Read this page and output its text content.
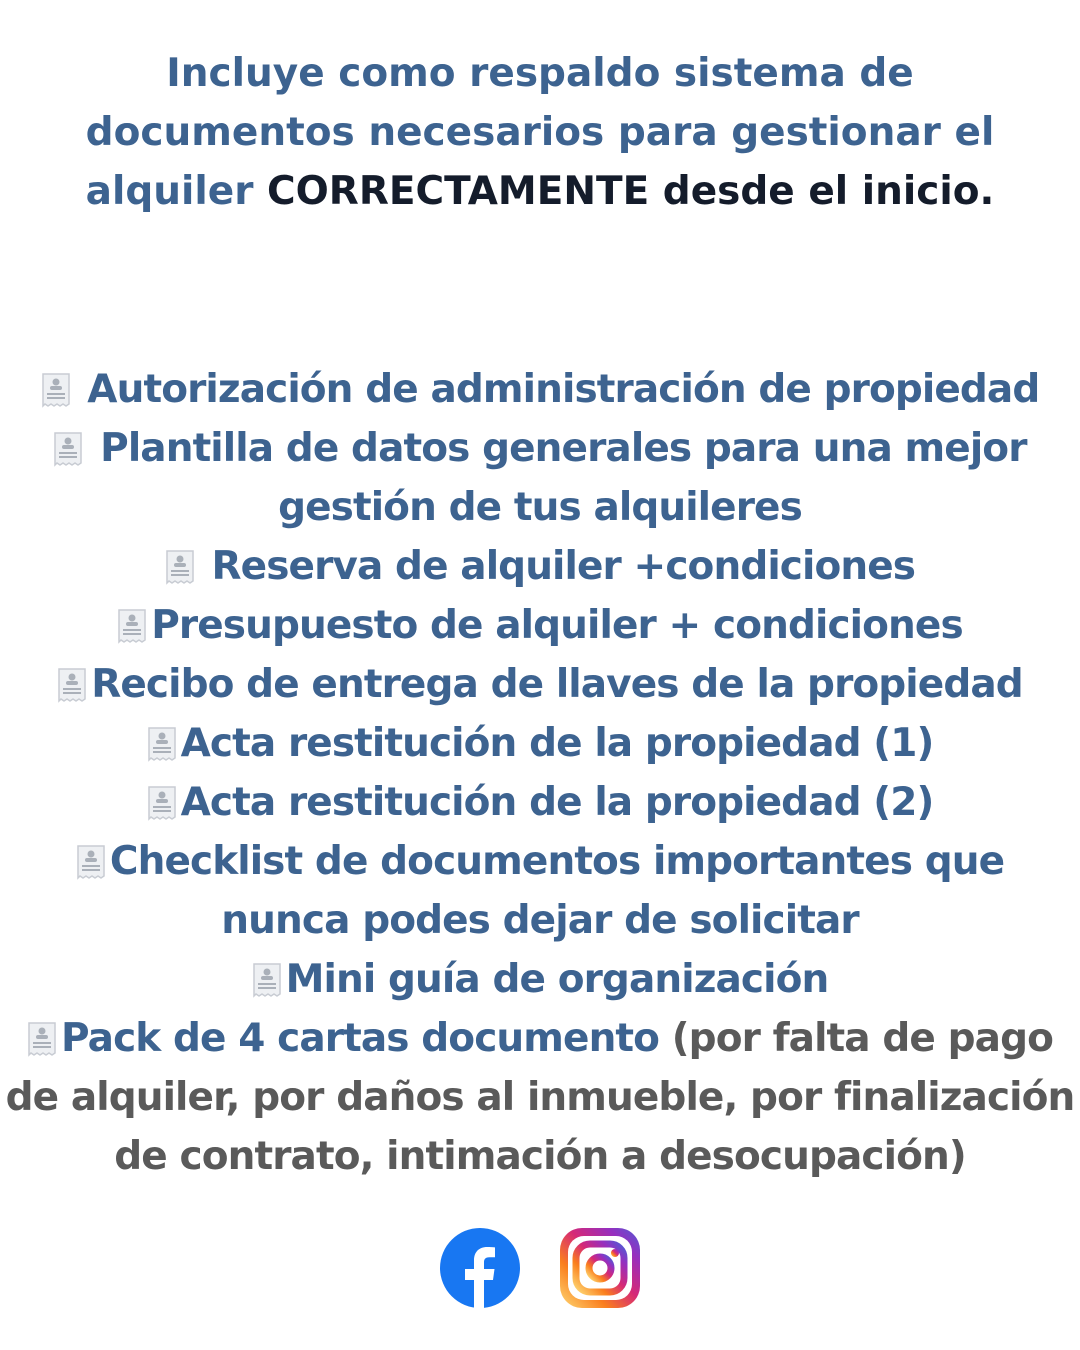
Incluye como respaldo sistema de
documentos necesarios para gestionar el
alquiler CORRECTAMENTE desde el inicio.
Autorización de administración de propiedad
Plantilla de datos generales para una mejor gestión de tus alquileres
Reserva de alquiler +condiciones
Presupuesto de alquiler + condiciones
Recibo de entrega de llaves de la propiedad
Acta restitución de la propiedad (1)
Acta restitución de la propiedad (2)
Checklist de documentos importantes que nunca podes dejar de solicitar
Mini guía de organización
Pack de 4 cartas documento (por falta de pago de alquiler, por daños al inmueble, por finalización de contrato, intimación a desocupación)
